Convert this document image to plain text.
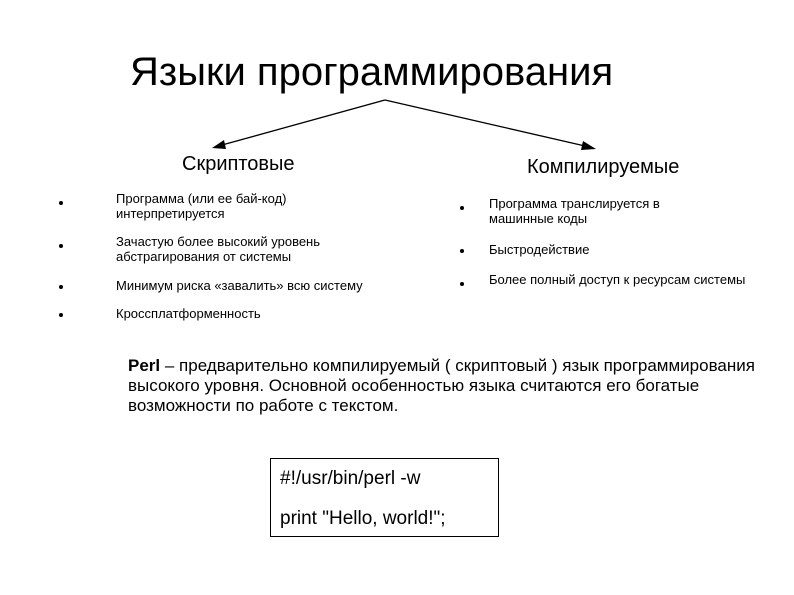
Языки программирования
Скриптовые	Компилируемые
Программа (или ее бай-код) интерпретируется
Зачастую более высокий уровень абстрагирования от системы
Минимум риска «завалить» всю систему
Кроссплатформенность
Программа транслируется в машинные коды
Быстродействие
Более полный доступ к ресурсам системы
Perl – предварительно компилируемый ( скриптовый ) язык программирования высокого уровня. Основной особенностью языка считаются его богатые возможности по работе с текстом.
#!/usr/bin/perl -w
print "Hello, world!";
